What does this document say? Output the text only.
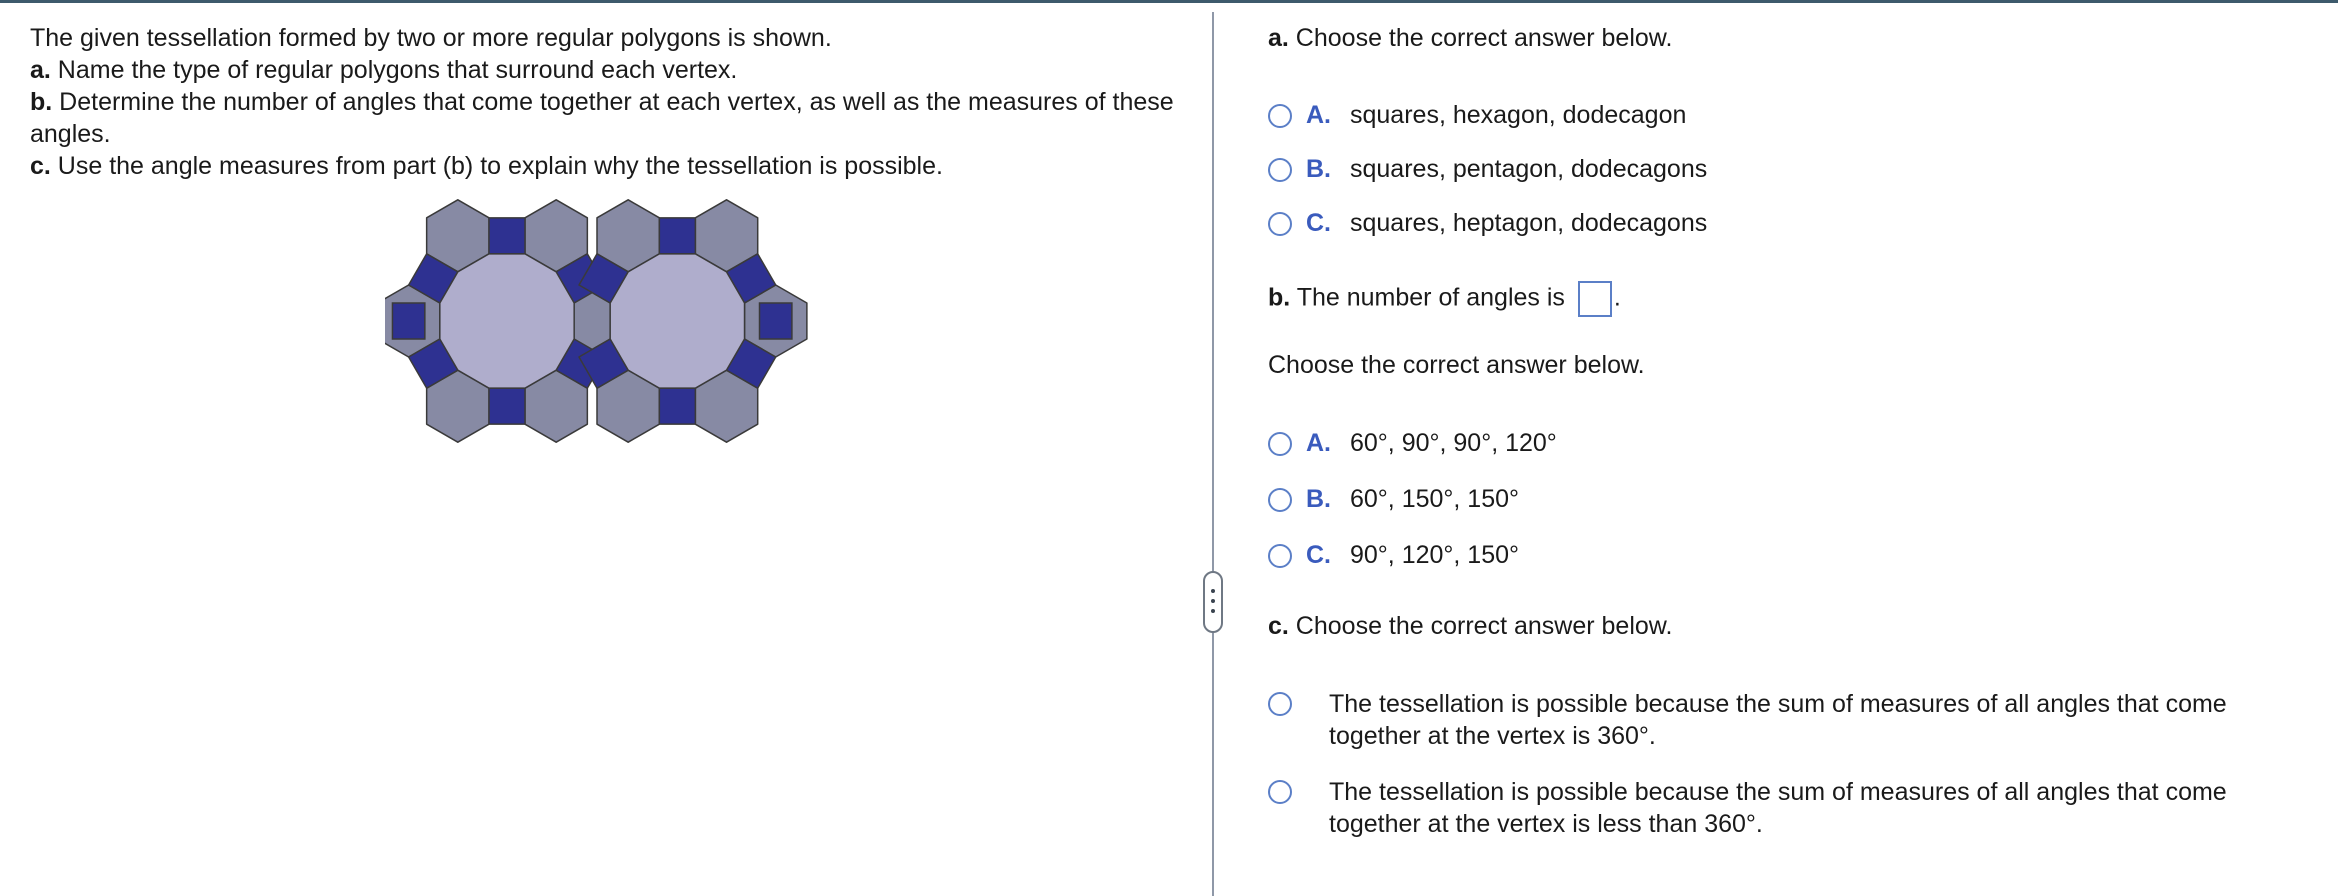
The given tessellation formed by two or more regular polygons is shown.

a. Name the type of regular polygons that surround each vertex.

b. Determine the number of angles that come together at each vertex, as well as the measures of these angles.

c. Use the angle measures from part (b) to explain why the tessellation is possible.

a. Choose the correct answer below.
A. squares, hexagon, dodecagon
B. squares, pentagon, dodecagons
C. squares, heptagon, dodecagons
b. The number of angles is .
Choose the correct answer below.
A. 60°, 90°, 90°, 120°
B. 60°, 150°, 150°
C. 90°, 120°, 150°
c. Choose the correct answer below.
The tessellation is possible because the sum of measures of all angles that come together at the vertex is 360°.
The tessellation is possible because the sum of measures of all angles that come together at the vertex is less than 360°.
